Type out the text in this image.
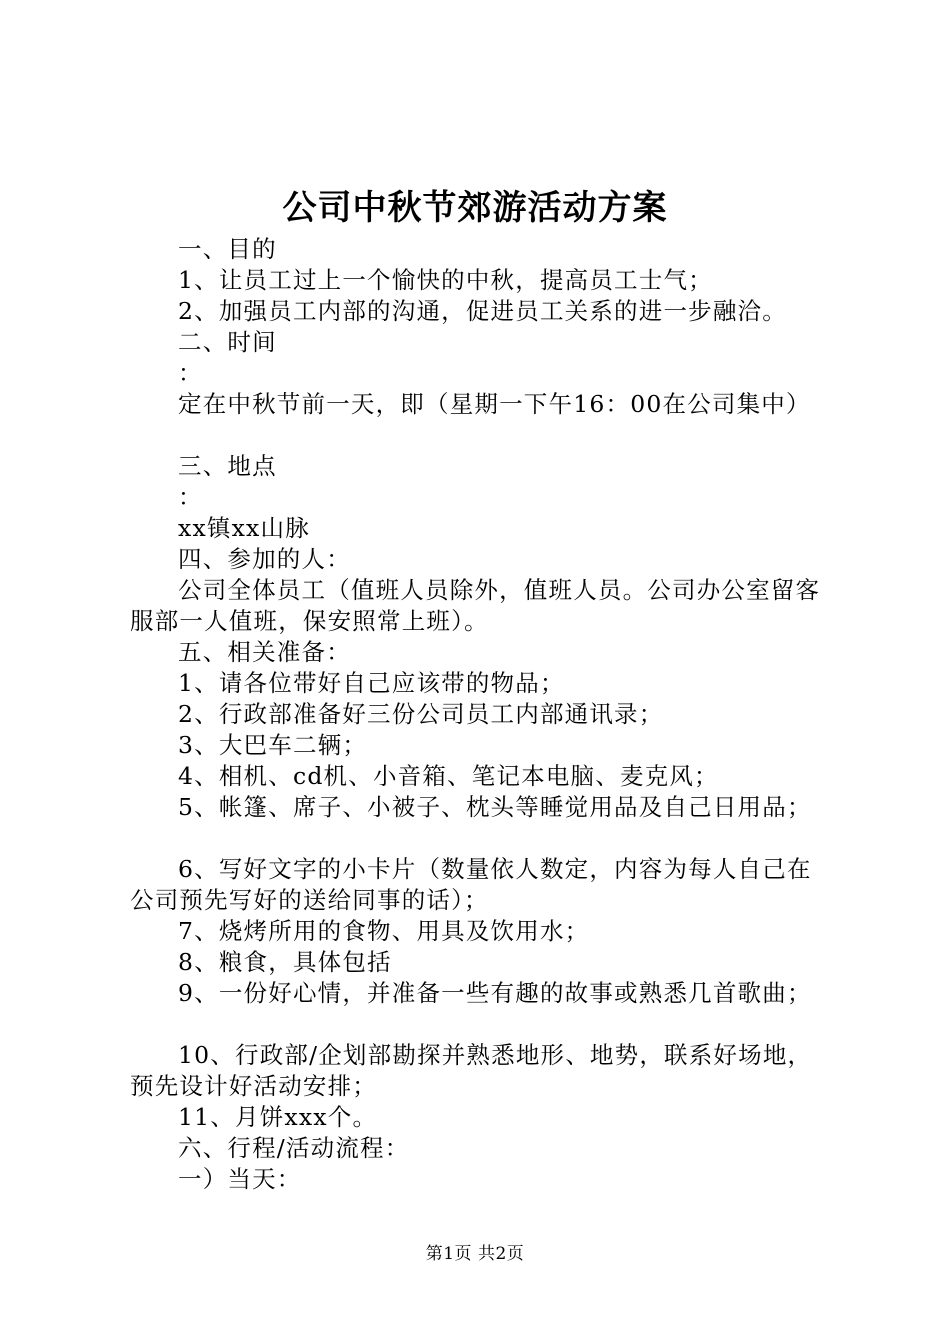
公司中秋节郊游活动方案
一、目的
1、让员工过上一个愉快的中秋，提高员工士气；
2、加强员工内部的沟通，促进员工关系的进一步融洽。
二、时间
：
定在中秋节前一天，即（星期一下午16：00在公司集中）
三、地点
：
xx镇xx山脉
四、参加的人：
公司全体员工（值班人员除外，值班人员。公司办公室留客服部一人值班，保安照常上班）。
五、相关准备：
1、请各位带好自己应该带的物品；
2、行政部准备好三份公司员工内部通讯录；
3、大巴车二辆；
4、相机、cd机、小音箱、笔记本电脑、麦克风；
5、帐篷、席子、小被子、枕头等睡觉用品及自己日用品；
6、写好文字的小卡片（数量依人数定，内容为每人自己在公司预先写好的送给同事的话）；
7、烧烤所用的食物、用具及饮用水；
8、粮食，具体包括
9、一份好心情，并准备一些有趣的故事或熟悉几首歌曲；
10、行政部/企划部勘探并熟悉地形、地势，联系好场地，预先设计好活动安排；
11、月饼xxx个。
六、行程/活动流程：
一）当天：
第1页 共2页
